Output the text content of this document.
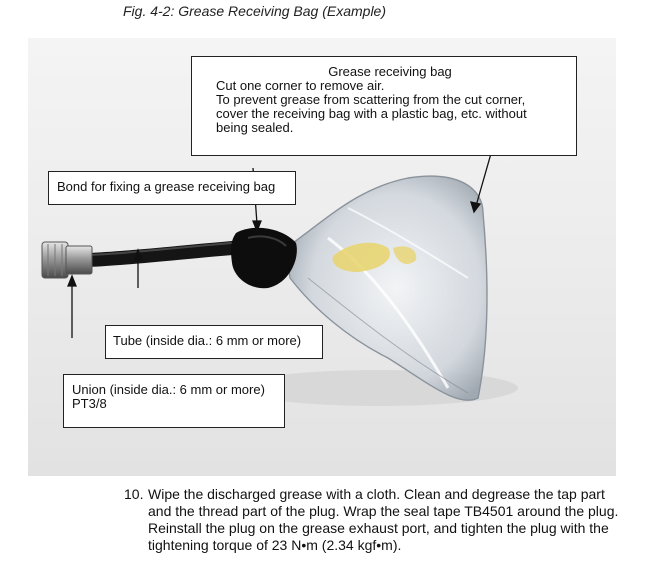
Fig. 4-2: Grease Receiving Bag (Example)
Grease receiving bag
Cut one corner to remove air.
To prevent grease from scattering from the cut corner,
cover the receiving bag with a plastic bag, etc. without
being sealed.
Bond for fixing a grease receiving bag
Tube (inside dia.: 6 mm or more)
Union (inside dia.: 6 mm or more)
PT3/8
10. Wipe the discharged grease with a cloth. Clean and degrease the tap part and the thread part of the plug. Wrap the seal tape TB4501 around the plug. Reinstall the plug on the grease exhaust port, and tighten the plug with the tightening torque of 23 N•m (2.34 kgf•m).
